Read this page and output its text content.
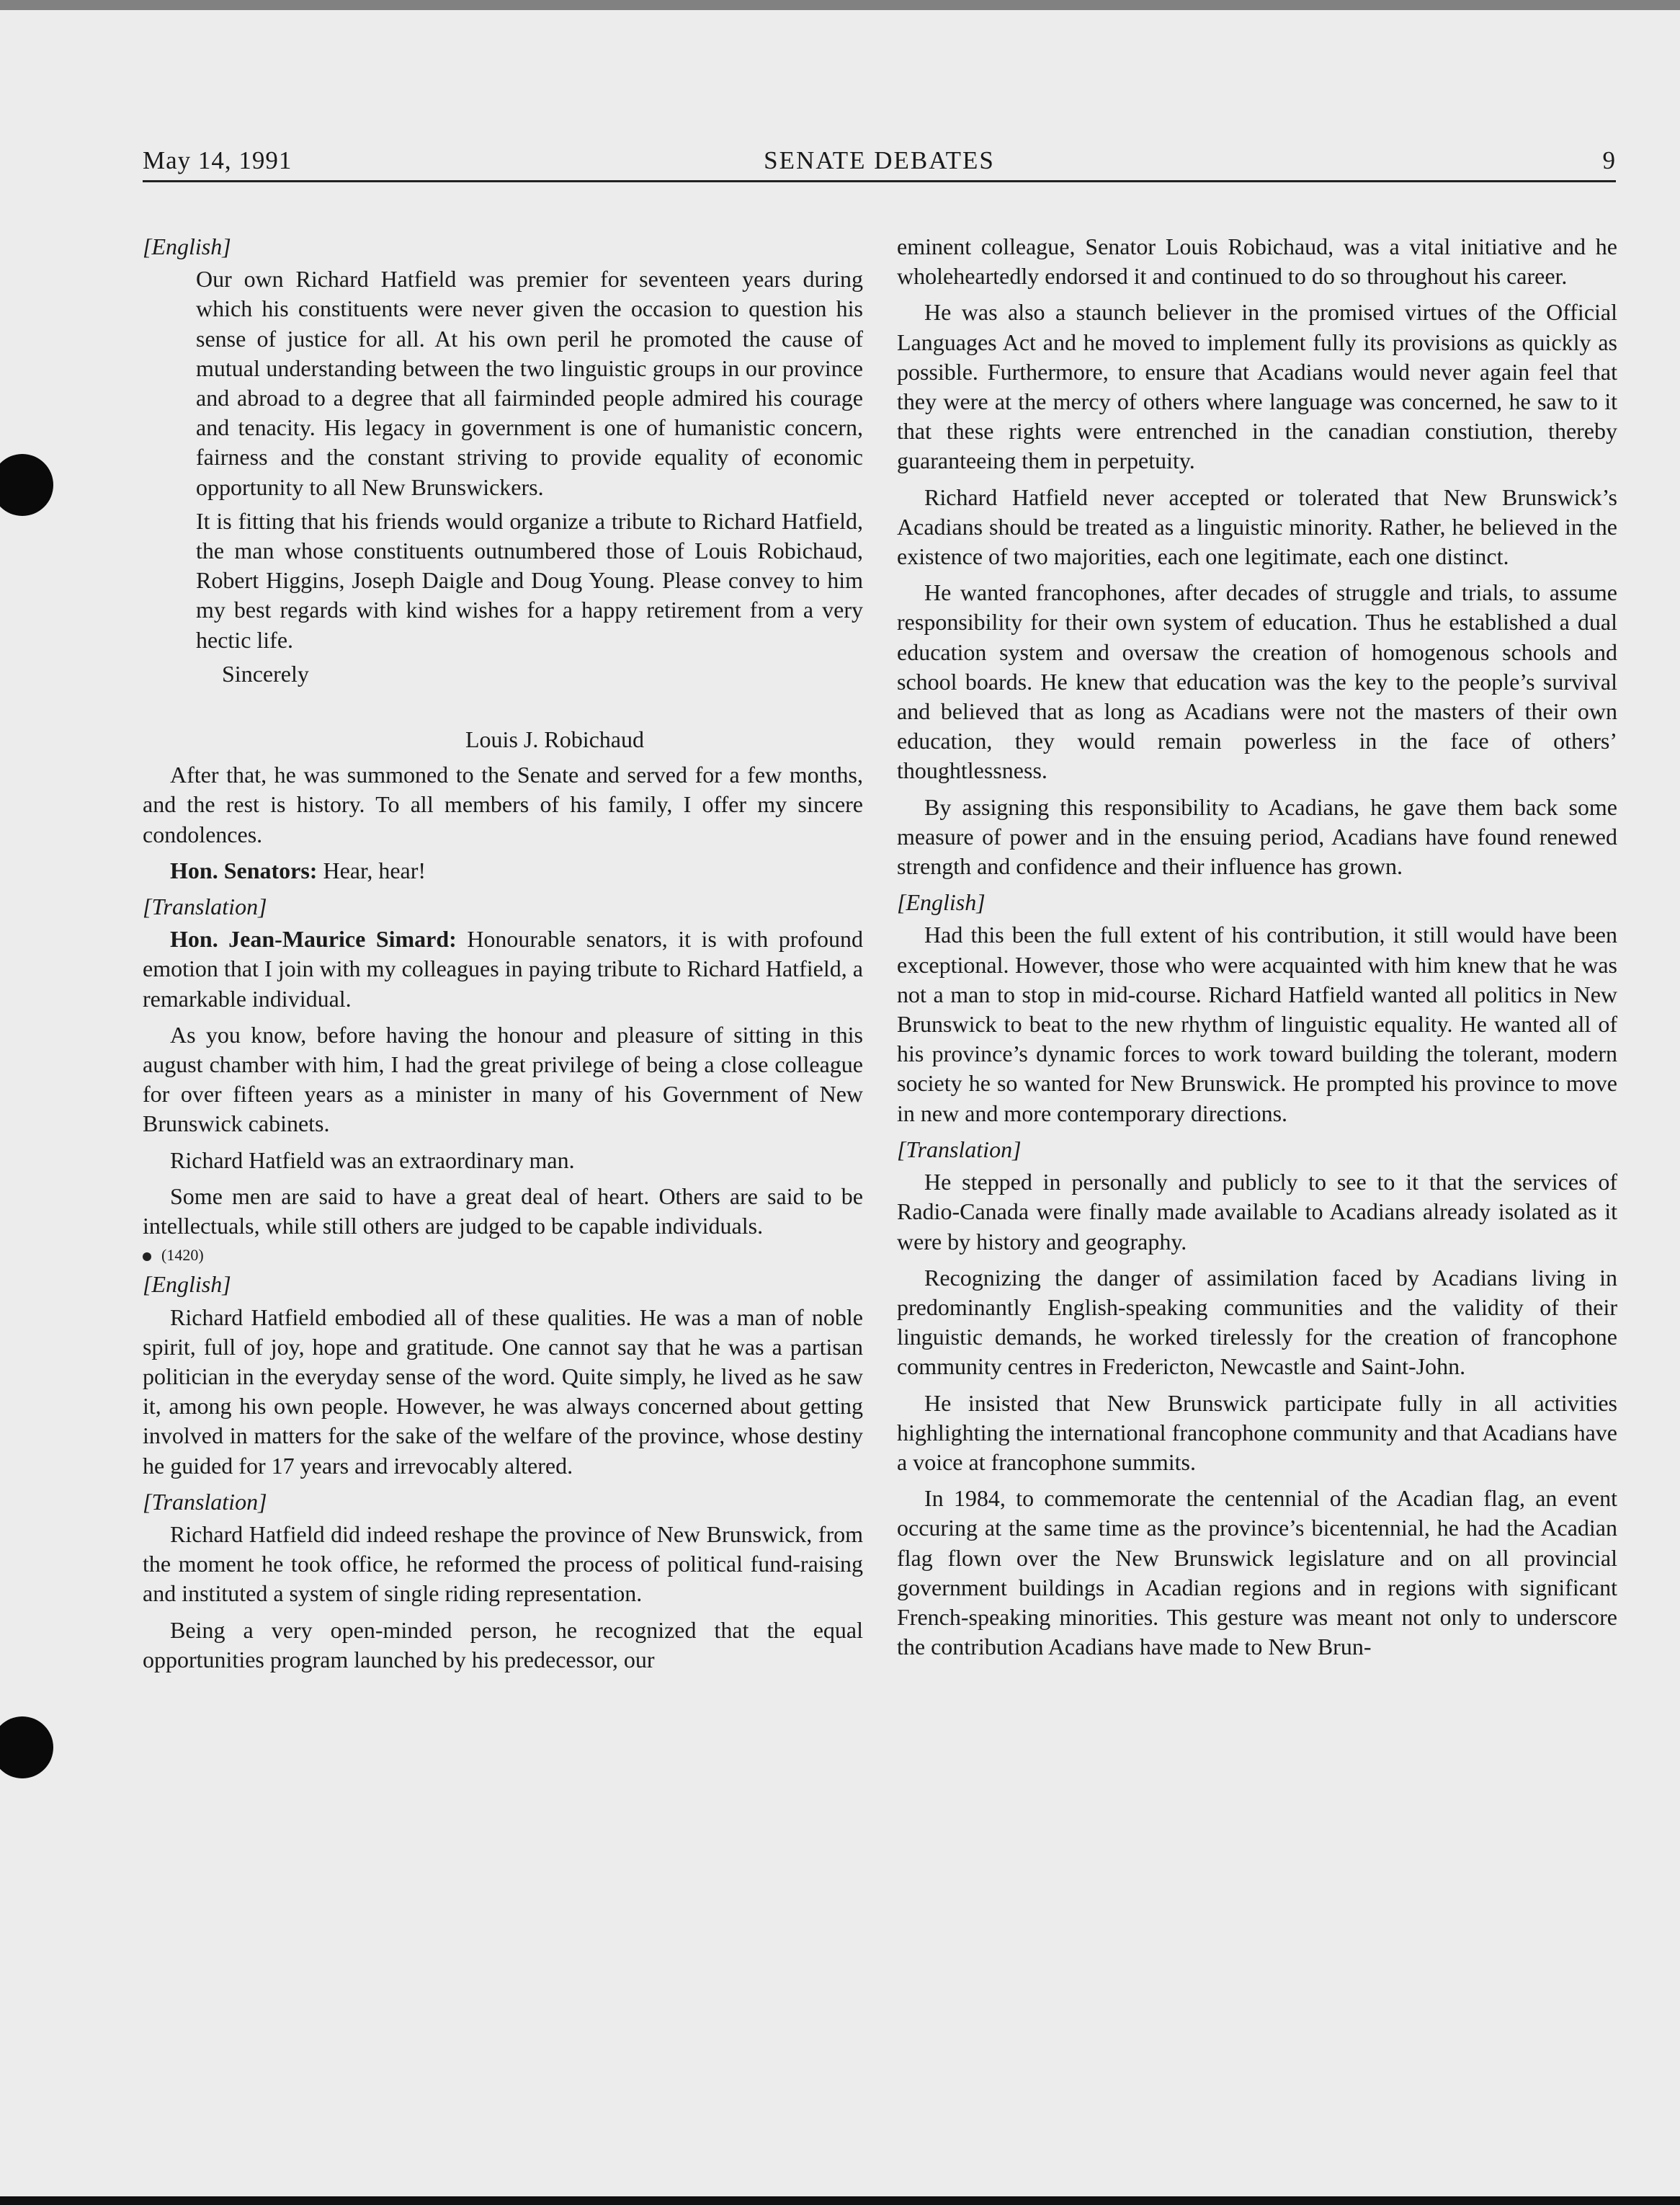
May 14, 1991	SENATE DEBATES	9
[English]

Our own Richard Hatfield was premier for seventeen years during which his constituents were never given the occasion to question his sense of justice for all. At his own peril he promoted the cause of mutual understanding between the two linguistic groups in our province and abroad to a degree that all fairminded people admired his courage and tenacity. His legacy in government is one of humanistic concern, fairness and the constant striving to provide equality of economic opportunity to all New Brunswickers.

It is fitting that his friends would organize a tribute to Richard Hatfield, the man whose constituents outnumbered those of Louis Robichaud, Robert Higgins, Joseph Daigle and Doug Young. Please convey to him my best regards with kind wishes for a happy retirement from a very hectic life.

Sincerely
Louis J. Robichaud

After that, he was summoned to the Senate and served for a few months, and the rest is history. To all members of his family, I offer my sincere condolences.

Hon. Senators: Hear, hear!

[Translation]

Hon. Jean-Maurice Simard: Honourable senators, it is with profound emotion that I join with my colleagues in paying tribute to Richard Hatfield, a remarkable individual.

As you know, before having the honour and pleasure of sitting in this august chamber with him, I had the great privilege of being a close colleague for over fifteen years as a minister in many of his Government of New Brunswick cabinets.

Richard Hatfield was an extraordinary man.

Some men are said to have a great deal of heart. Others are said to be intellectuals, while still others are judged to be capable individuals.

(1420)
[English]

Richard Hatfield embodied all of these qualities. He was a man of noble spirit, full of joy, hope and gratitude. One cannot say that he was a partisan politician in the everyday sense of the word. Quite simply, he lived as he saw it, among his own people. However, he was always concerned about getting involved in matters for the sake of the welfare of the province, whose destiny he guided for 17 years and irrevocably altered.

[Translation]

Richard Hatfield did indeed reshape the province of New Brunswick, from the moment he took office, he reformed the process of political fund-raising and instituted a system of single riding representation.

Being a very open-minded person, he recognized that the equal opportunities program launched by his predecessor, our

eminent colleague, Senator Louis Robichaud, was a vital initiative and he wholeheartedly endorsed it and continued to do so throughout his career.

He was also a staunch believer in the promised virtues of the Official Languages Act and he moved to implement fully its provisions as quickly as possible. Furthermore, to ensure that Acadians would never again feel that they were at the mercy of others where language was concerned, he saw to it that these rights were entrenched in the canadian constiution, thereby guaranteeing them in perpetuity.

Richard Hatfield never accepted or tolerated that New Brunswick’s Acadians should be treated as a linguistic minority. Rather, he believed in the existence of two majorities, each one legitimate, each one distinct.

He wanted francophones, after decades of struggle and trials, to assume responsibility for their own system of education. Thus he established a dual education system and oversaw the creation of homogenous schools and school boards. He knew that education was the key to the people’s survival and believed that as long as Acadians were not the masters of their own education, they would remain powerless in the face of others’ thoughtlessness.

By assigning this responsibility to Acadians, he gave them back some measure of power and in the ensuing period, Acadians have found renewed strength and confidence and their influence has grown.

[English]

Had this been the full extent of his contribution, it still would have been exceptional. However, those who were acquainted with him knew that he was not a man to stop in mid-course. Richard Hatfield wanted all politics in New Brunswick to beat to the new rhythm of linguistic equality. He wanted all of his province’s dynamic forces to work toward building the tolerant, modern society he so wanted for New Brunswick. He prompted his province to move in new and more contemporary directions.

[Translation]

He stepped in personally and publicly to see to it that the services of Radio-Canada were finally made available to Acadians already isolated as it were by history and geography.

Recognizing the danger of assimilation faced by Acadians living in predominantly English-speaking communities and the validity of their linguistic demands, he worked tirelessly for the creation of francophone community centres in Fredericton, Newcastle and Saint-John.

He insisted that New Brunswick participate fully in all activities highlighting the international francophone community and that Acadians have a voice at francophone summits.

In 1984, to commemorate the centennial of the Acadian flag, an event occuring at the same time as the province’s bicentennial, he had the Acadian flag flown over the New Brunswick legislature and on all provincial government buildings in Acadian regions and in regions with significant French-speaking minorities. This gesture was meant not only to underscore the contribution Acadians have made to New Brun-
